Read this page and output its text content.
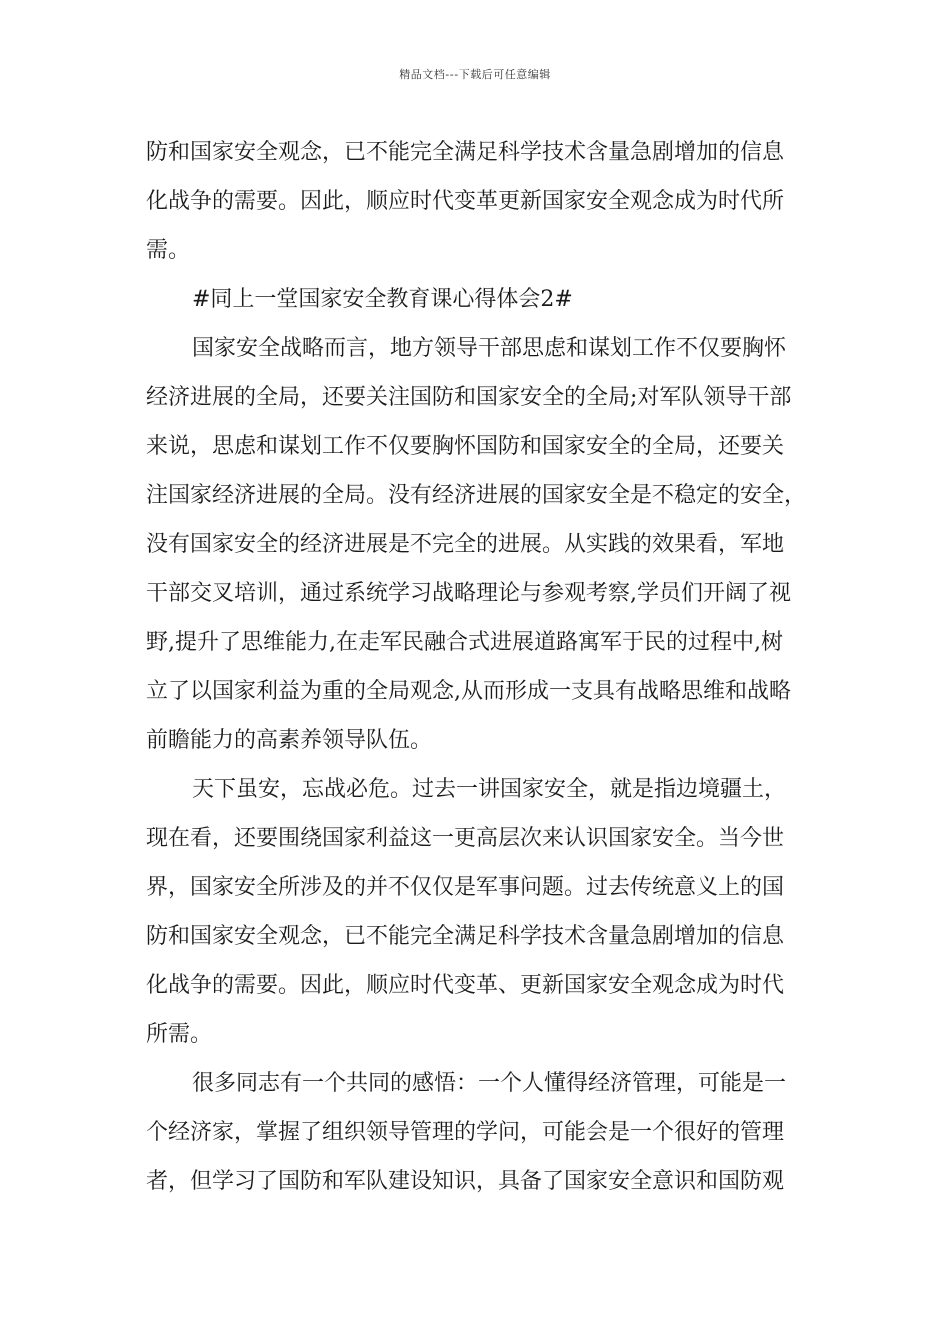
精品文档---下载后可任意编辑
防和国家安全观念，已不能完全满足科学技术含量急剧增加的信息
化战争的需要。因此，顺应时代变革更新国家安全观念成为时代所
需。
#同上一堂国家安全教育课心得体会2#
国家安全战略而言，地方领导干部思虑和谋划工作不仅要胸怀
经济进展的全局，还要关注国防和国家安全的全局;对军队领导干部
来说，思虑和谋划工作不仅要胸怀国防和国家安全的全局，还要关
注国家经济进展的全局。没有经济进展的国家安全是不稳定的安全，
没有国家安全的经济进展是不完全的进展。从实践的效果看，军地
干部交叉培训，通过系统学习战略理论与参观考察,学员们开阔了视
野,提升了思维能力,在走军民融合式进展道路寓军于民的过程中,树
立了以国家利益为重的全局观念,从而形成一支具有战略思维和战略
前瞻能力的高素养领导队伍。
天下虽安，忘战必危。过去一讲国家安全，就是指边境疆土，
现在看，还要围绕国家利益这一更高层次来认识国家安全。当今世
界，国家安全所涉及的并不仅仅是军事问题。过去传统意义上的国
防和国家安全观念，已不能完全满足科学技术含量急剧增加的信息
化战争的需要。因此，顺应时代变革、更新国家安全观念成为时代
所需。
很多同志有一个共同的感悟：一个人懂得经济管理，可能是一
个经济家，掌握了组织领导管理的学问，可能会是一个很好的管理
者，但学习了国防和军队建设知识，具备了国家安全意识和国防观
